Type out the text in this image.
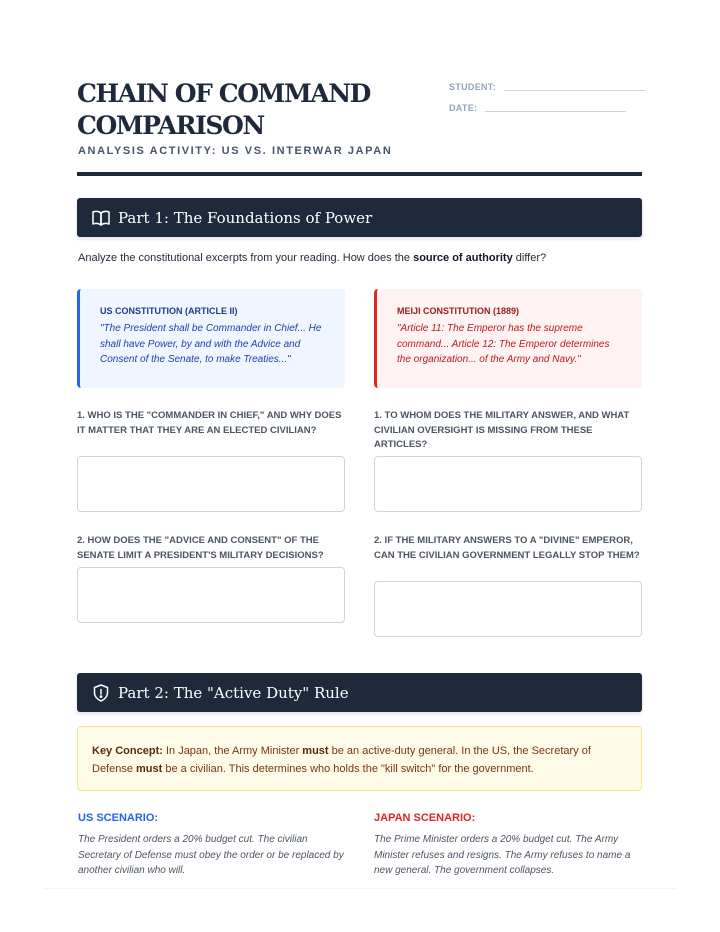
CHAIN OF COMMAND COMPARISON
ANALYSIS ACTIVITY: US VS. INTERWAR JAPAN
STUDENT:
DATE:
Part 1: The Foundations of Power
Analyze the constitutional excerpts from your reading. How does the source of authority differ?
US CONSTITUTION (ARTICLE II)
"The President shall be Commander in Chief... He shall have Power, by and with the Advice and Consent of the Senate, to make Treaties..."
MEIJI CONSTITUTION (1889)
"Article 11: The Emperor has the supreme command... Article 12: The Emperor determines the organization... of the Army and Navy."
1. WHO IS THE "COMMANDER IN CHIEF," AND WHY DOES IT MATTER THAT THEY ARE AN ELECTED CIVILIAN?
1. TO WHOM DOES THE MILITARY ANSWER, AND WHAT CIVILIAN OVERSIGHT IS MISSING FROM THESE ARTICLES?
2. HOW DOES THE "ADVICE AND CONSENT" OF THE SENATE LIMIT A PRESIDENT'S MILITARY DECISIONS?
2. IF THE MILITARY ANSWERS TO A "DIVINE" EMPEROR, CAN THE CIVILIAN GOVERNMENT LEGALLY STOP THEM?
Part 2: The "Active Duty" Rule
Key Concept: In Japan, the Army Minister must be an active-duty general. In the US, the Secretary of Defense must be a civilian. This determines who holds the "kill switch" for the government.
US SCENARIO:
The President orders a 20% budget cut. The civilian Secretary of Defense must obey the order or be replaced by another civilian who will.
JAPAN SCENARIO:
The Prime Minister orders a 20% budget cut. The Army Minister refuses and resigns. The Army refuses to name a new general. The government collapses.
